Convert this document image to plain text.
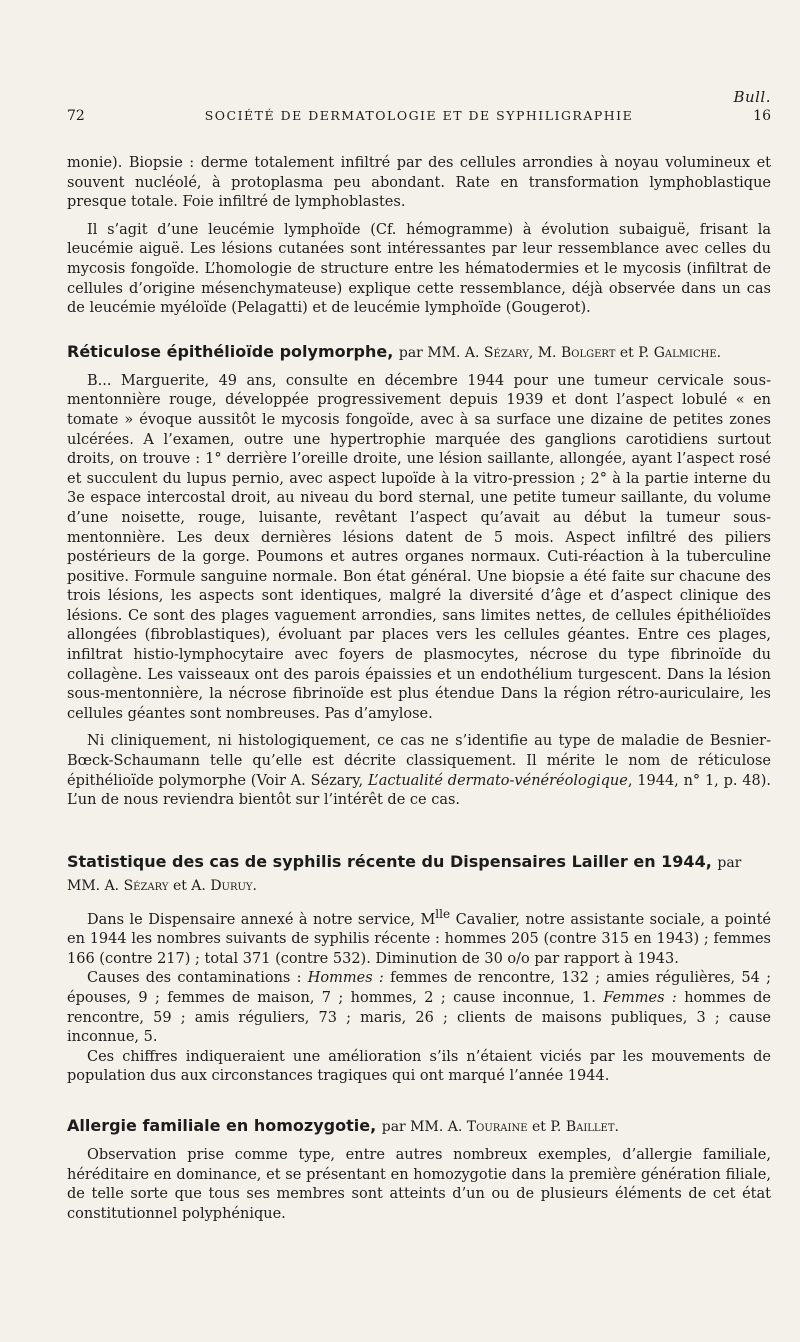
Bull.
72	SOCIÉTÉ DE DERMATOLOGIE ET DE SYPHILIGRAPHIE	16

monie). Biopsie : derme totalement infiltré par des cellules arrondies à noyau volumineux et souvent nucléolé, à protoplasma peu abondant. Rate en transformation lymphoblastique presque totale. Foie infiltré de lymphoblastes.

Il s’agit d’une leucémie lymphoïde (Cf. hémogramme) à évolution subaiguë, frisant la leucémie aiguë. Les lésions cutanées sont intéressantes par leur ressemblance avec celles du mycosis fongoïde. L’homologie de structure entre les hématodermies et le mycosis (infiltrat de cellules d’origine mésenchymateuse) explique cette ressemblance, déjà observée dans un cas de leucémie myéloïde (Pelagatti) et de leucémie lymphoïde (Gougerot).

Réticulose épithélioïde polymorphe, par MM. A. Sézary, M. Bolgert et P. Galmiche.

B... Marguerite, 49 ans, consulte en décembre 1944 pour une tumeur cervicale sous-mentonnière rouge, développée progressivement depuis 1939 et dont l’aspect lobulé « en tomate » évoque aussitôt le mycosis fongoïde, avec à sa surface une dizaine de petites zones ulcérées. A l’examen, outre une hypertrophie marquée des ganglions carotidiens surtout droits, on trouve : 1° derrière l’oreille droite, une lésion saillante, allongée, ayant l’aspect rosé et succulent du lupus pernio, avec aspect lupoïde à la vitro-pression ; 2° à la partie interne du 3e espace intercostal droit, au niveau du bord sternal, une petite tumeur saillante, du volume d’une noisette, rouge, luisante, revêtant l’aspect qu’avait au début la tumeur sous-mentonnière. Les deux dernières lésions datent de 5 mois. Aspect infiltré des piliers postérieurs de la gorge. Poumons et autres organes normaux. Cuti-réaction à la tuberculine positive. Formule sanguine normale. Bon état général. Une biopsie a été faite sur chacune des trois lésions, les aspects sont identiques, malgré la diversité d’âge et d’aspect clinique des lésions. Ce sont des plages vaguement arrondies, sans limites nettes, de cellules épithélioïdes allongées (fibroblastiques), évoluant par places vers les cellules géantes. Entre ces plages, infiltrat histio-lymphocytaire avec foyers de plasmocytes, nécrose du type fibrinoïde du collagène. Les vaisseaux ont des parois épaissies et un endothélium turgescent. Dans la lésion sous-mentonnière, la nécrose fibrinoïde est plus étendue Dans la région rétro-auriculaire, les cellules géantes sont nombreuses. Pas d’amylose.

Ni cliniquement, ni histologiquement, ce cas ne s’identifie au type de maladie de Besnier-Bœck-Schaumann telle qu’elle est décrite classiquement. Il mérite le nom de réticulose épithélioïde polymorphe (Voir A. Sézary, L’actualité dermato-vénéréologique, 1944, n° 1, p. 48). L’un de nous reviendra bientôt sur l’intérêt de ce cas.

Statistique des cas de syphilis récente du Dispensaires Lailler en 1944, par MM. A. Sézary et A. Duruy.

Dans le Dispensaire annexé à notre service, $M^{lle}$ Cavalier, notre assistante sociale, a pointé en 1944 les nombres suivants de syphilis récente : hommes 205 (contre 315 en 1943) ; femmes 166 (contre 217) ; total 371 (contre 532). Diminution de 30 o/o par rapport à 1943.

Causes des contaminations : Hommes : femmes de rencontre, 132 ; amies régulières, 54 ; épouses, 9 ; femmes de maison, 7 ; hommes, 2 ; cause inconnue, 1. Femmes : hommes de rencontre, 59 ; amis réguliers, 73 ; maris, 26 ; clients de maisons publiques, 3 ; cause inconnue, 5.

Ces chiffres indiqueraient une amélioration s’ils n’étaient viciés par les mouvements de population dus aux circonstances tragiques qui ont marqué l’année 1944.

Allergie familiale en homozygotie, par MM. A. Touraine et P. Baillet.

Observation prise comme type, entre autres nombreux exemples, d’allergie familiale, héréditaire en dominance, et se présentant en homozygotie dans la première génération filiale, de telle sorte que tous ses membres sont atteints d’un ou de plusieurs éléments de cet état constitutionnel polyphénique.
